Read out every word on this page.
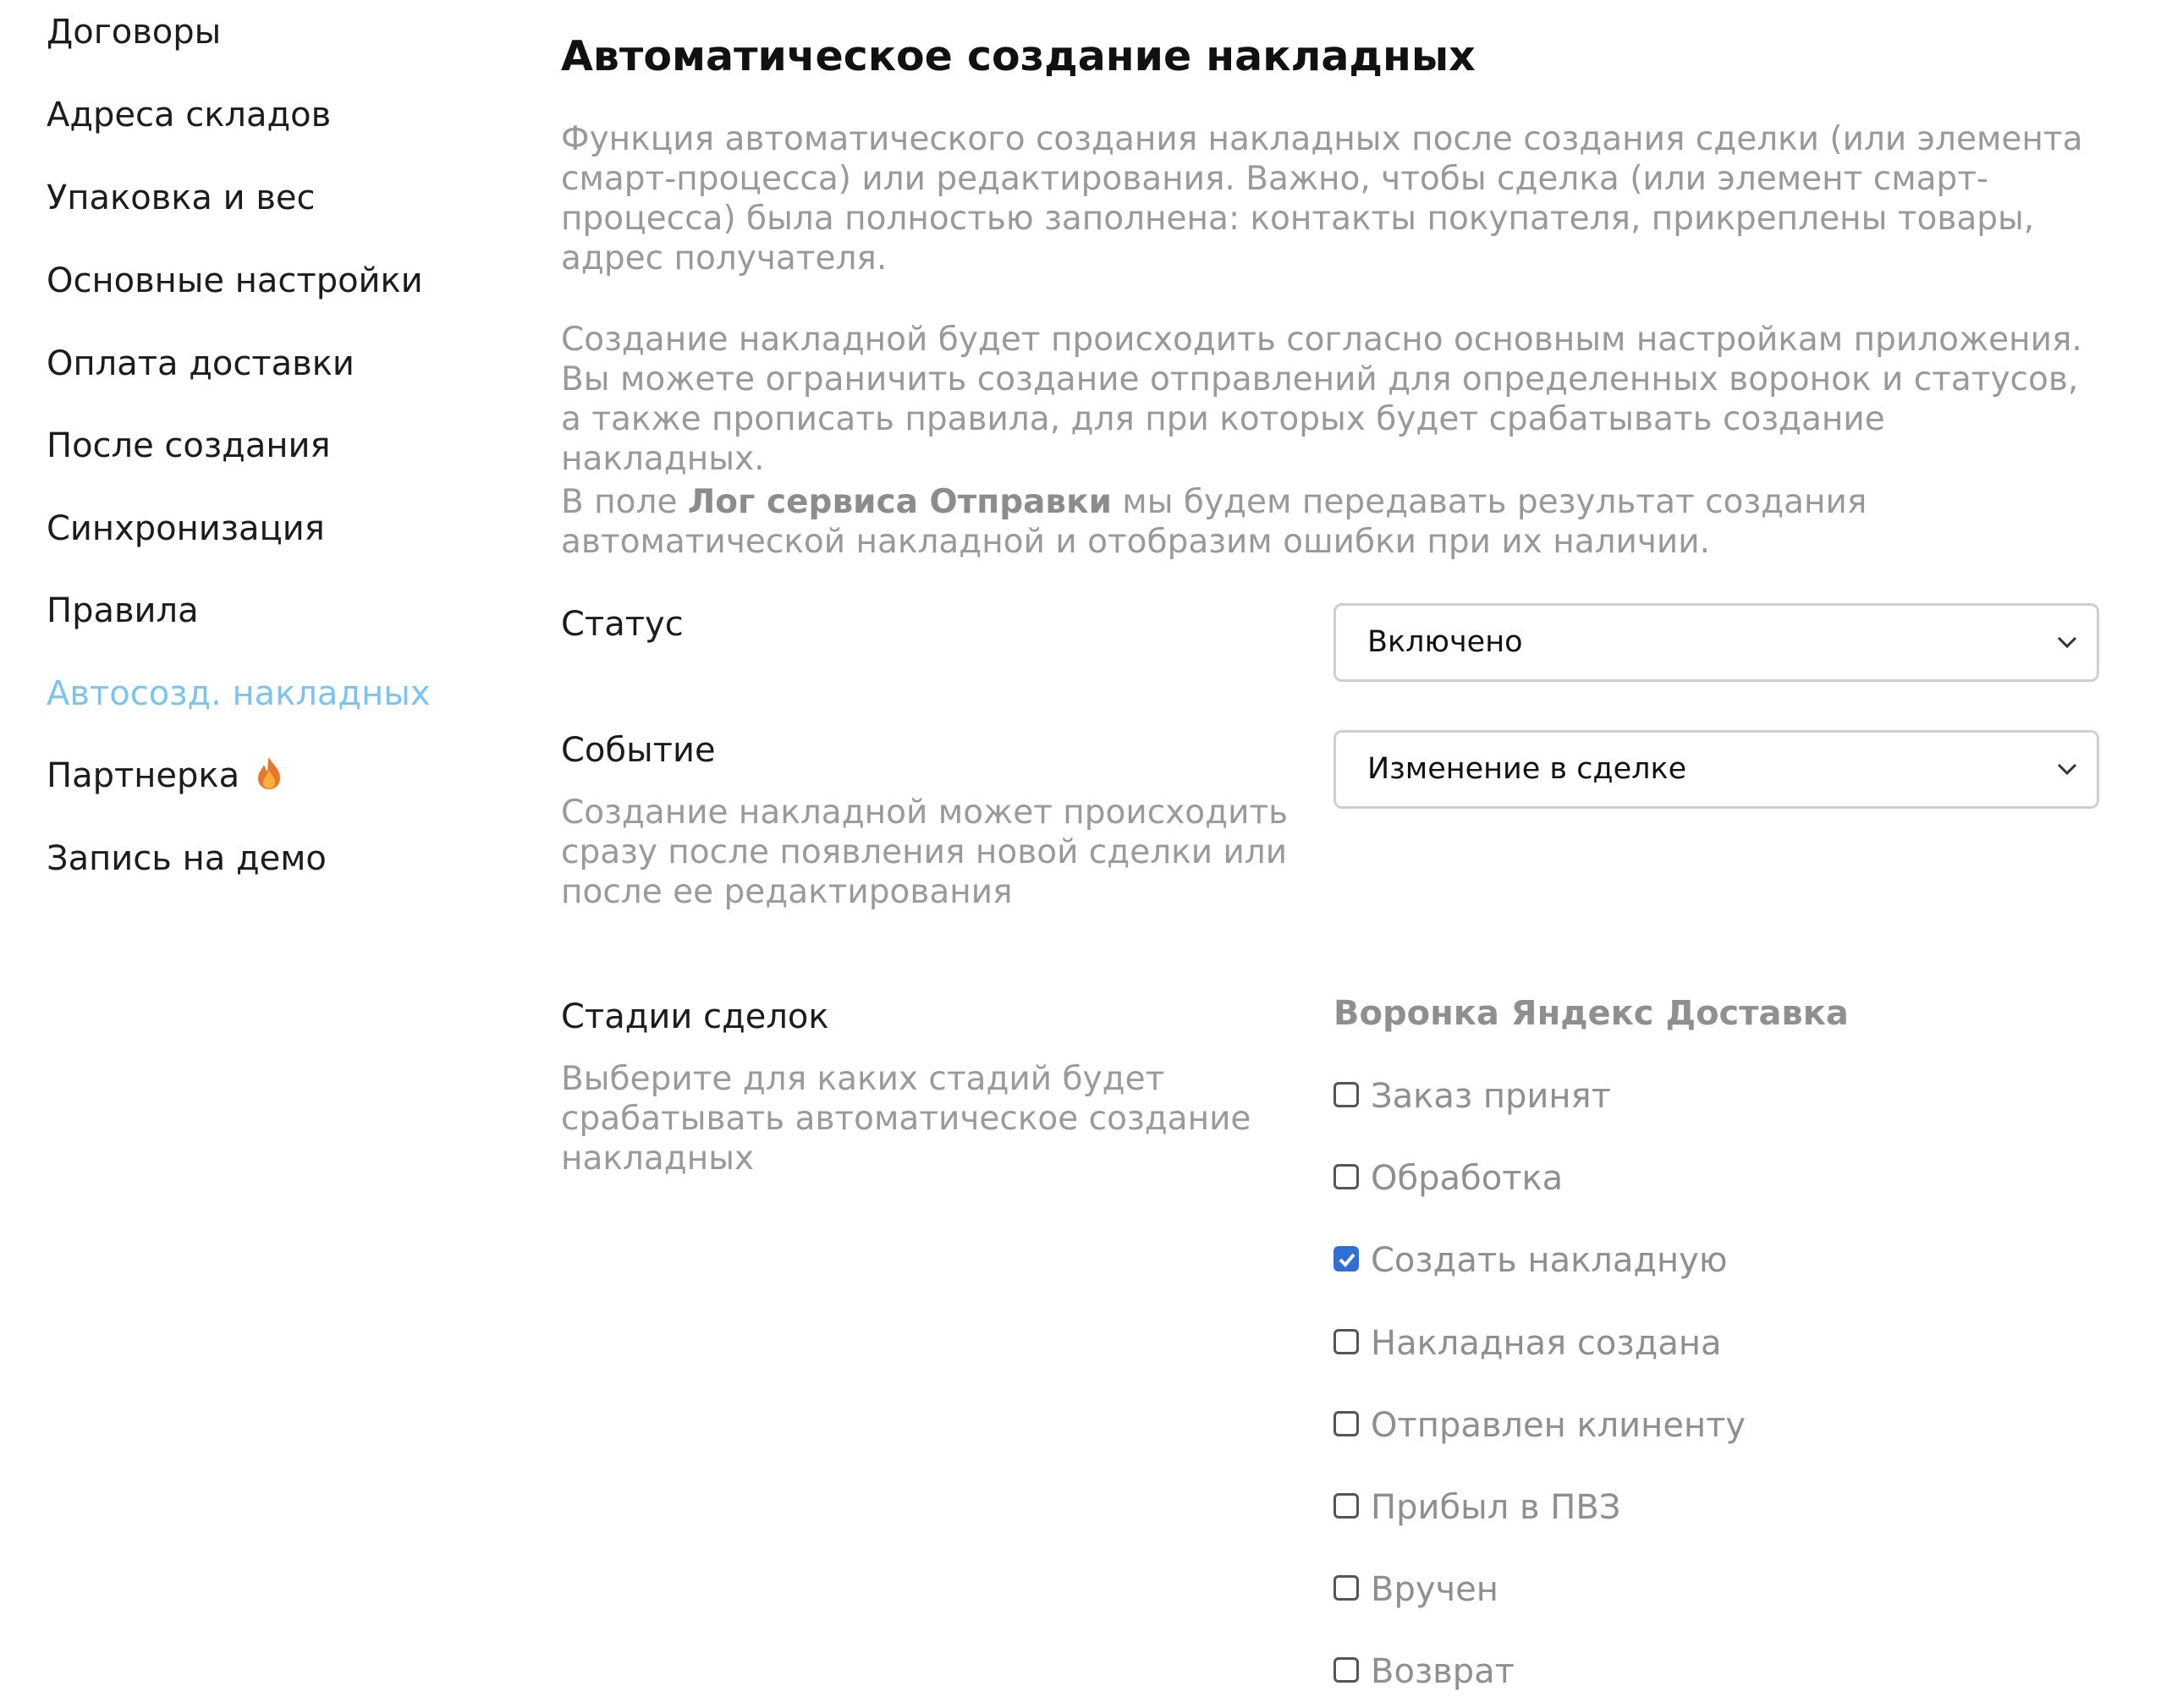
Договоры
Адреса складов
Упаковка и вес
Основные настройки
Оплата доставки
После создания
Синхронизация
Правила
Автосозд. накладных
Партнерка
Запись на демо
Автоматическое создание накладных

Функция автоматического создания накладных после создания сделки (или элемента смарт-процесса) или редактирования. Важно, чтобы сделка (или элемент смарт-процесса) была полностью заполнена: контакты покупателя, прикреплены товары, адрес получателя.

Создание накладной будет происходить согласно основным настройкам приложения. Вы можете ограничить создание отправлений для определенных воронок и статусов, а также прописать правила, для при которых будет срабатывать создание накладных.

В поле Лог сервиса Отправки мы будем передавать результат создания автоматической накладной и отобразим ошибки при их наличии.

Статус	Включено
Событие

Создание накладной может происходить сразу после появления новой сделки или после ее редактирования

Изменение в сделке
Стадии сделок

Выберите для каких стадий будет срабатывать автоматическое создание накладных

Воронка Яндекс Доставка
Заказ принят
Обработка
Создать накладную
Накладная создана
Отправлен клиненту
Прибыл в ПВЗ
Вручен
Возврат
